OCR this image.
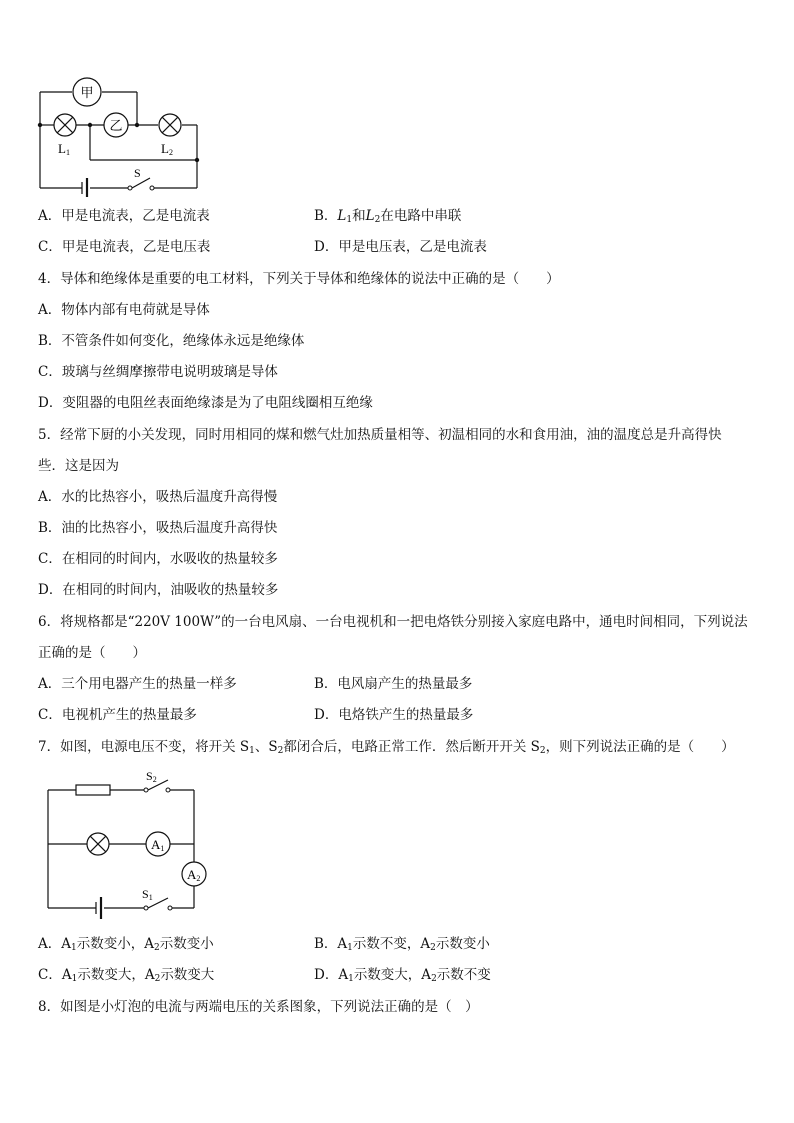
甲
乙
L1	L2
S
A．甲是电流表，乙是电流表	B．$L_1$和$L_2$在电路中串联
C．甲是电流表，乙是电压表	D．甲是电压表，乙是电流表
4．导体和绝缘体是重要的电工材料，下列关于导体和绝缘体的说法中正确的是（　　）
A．物体内部有电荷就是导体
B．不管条件如何变化，绝缘体永远是绝缘体
C．玻璃与丝绸摩擦带电说明玻璃是导体
D．变阻器的电阻丝表面绝缘漆是为了电阻线圈相互绝缘
5．经常下厨的小关发现，同时用相同的煤和燃气灶加热质量相等、初温相同的水和食用油，油的温度总是升高得快
些．这是因为
A．水的比热容小，吸热后温度升高得慢
B．油的比热容小，吸热后温度升高得快
C．在相同的时间内，水吸收的热量较多
D．在相同的时间内，油吸收的热量较多
6．将规格都是“220V 100W”的一台电风扇、一台电视机和一把电烙铁分别接入家庭电路中，通电时间相同，下列说法
正确的是（　　）
A．三个用电器产生的热量一样多	B．电风扇产生的热量最多
C．电视机产生的热量最多	D．电烙铁产生的热量最多
7．如图，电源电压不变，将开关 $S_1$、$S_2$都闭合后，电路正常工作．然后断开开关 $S_2$，则下列说法正确的是（　　）
A1
A2
S2
S1
A．$A_1$示数变小，$A_2$示数变小	B．$A_1$示数不变，$A_2$示数变小
C．$A_1$示数变大，$A_2$示数变大	D．$A_1$示数变大，$A_2$示数不变
8．如图是小灯泡的电流与两端电压的关系图象，下列说法正确的是（　）
